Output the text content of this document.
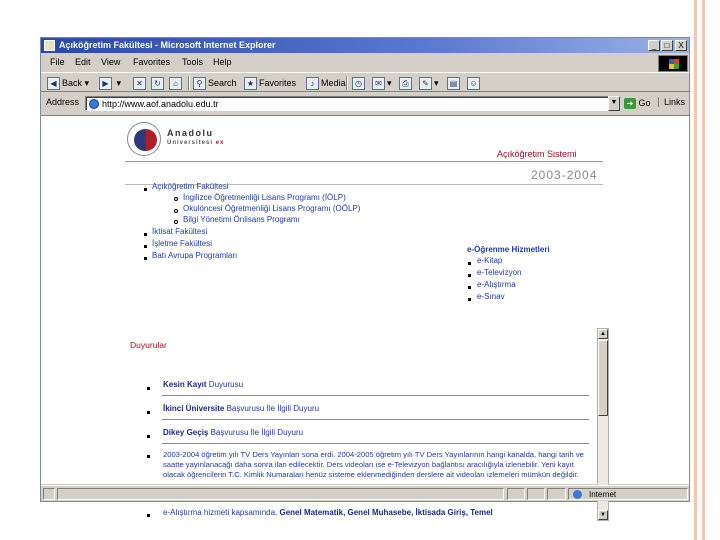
Açıköğretim Fakültesi - Microsoft Internet Explorer	_	□	X
File Edit View Favorites Tools Help
◀ Back ▾	▶ ▾	✕	↻	⌂	⚲ Search	★ Favorites	♪ Media	◷	✉ ▾	⎙	✎ ▾	▤	☺
Address
http://www.aof.anadolu.edu.tr	▼	➜ Go	Links
Anadolu
Üniversitesi ex
Açıköğretim Sistemi
2003-2004
Açıköğretim Fakültesi
İngilizce Öğretmenliği Lisans Programı (İÖLP)
Okulöncesi Öğretmenliği Lisans Programı (OÖLP)
Bilgi Yönetimi Önlisans Programı
İktisat Fakültesi
İşletme Fakültesi
Batı Avrupa Programları
e-Öğrenme Hizmetleri
e-Kitap
e-Televizyon
e-Alıştırma
e-Sınav
Duyurular
Kesin Kayıt Duyurusu
İkinci Üniversite Başvurusu İle İlgili Duyuru
Dikey Geçiş Başvurusu İle İlgili Duyuru
2003-2004 öğretim yılı TV Ders Yayınları sona erdi. 2004-2005 öğretim yılı TV Ders Yayınlarının hangi kanalda, hangi tarih ve saatte yayınlanacağı daha sonra ilan edilecektir. Ders videoları ise e-Televizyon bağlantısı aracılığıyla izlenebilir. Yeni kayıt olacak öğrencilerin T.C. Kimlik Numaraları henüz sisteme eklenmediğinden derslere ait videoları izlemeleri mümkün değildir.
e-Alıştırma hizmeti kapsamında, Genel Matematik, Genel Muhasebe, İktisada Giriş, Temel
▲
▼
Internet
